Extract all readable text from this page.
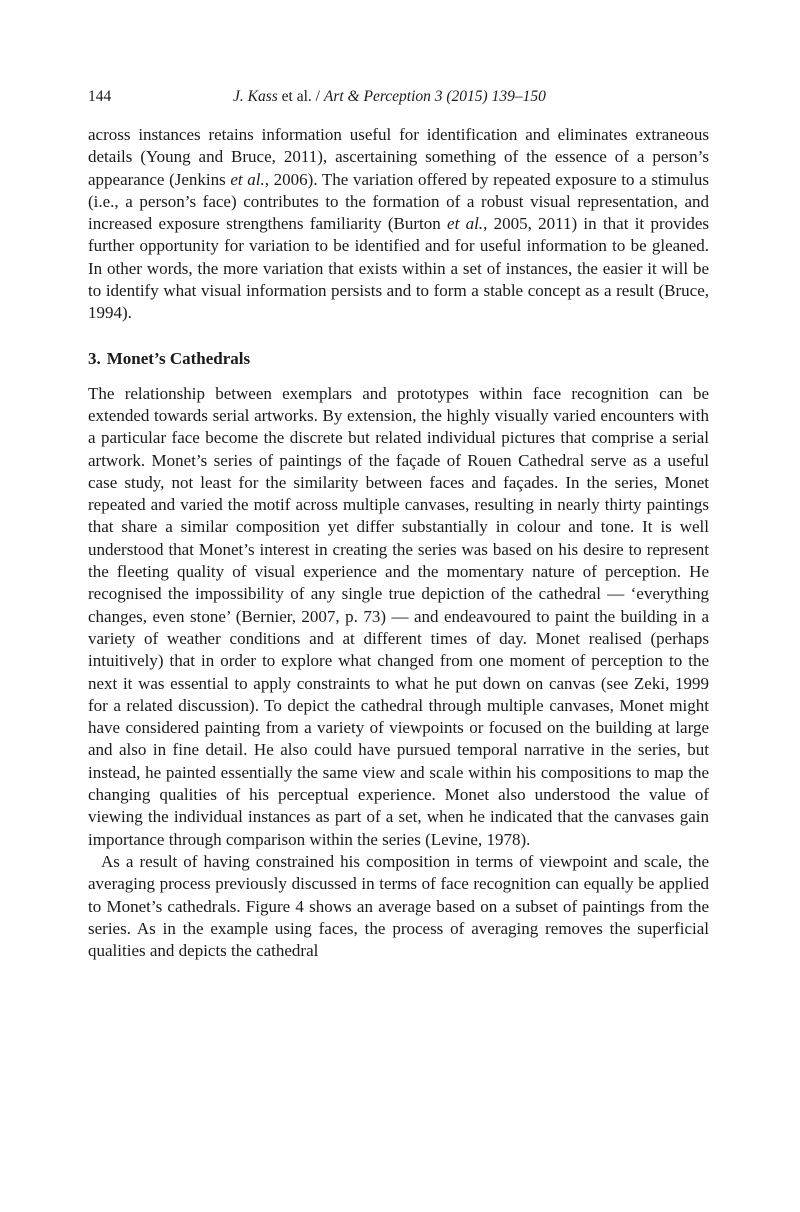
144	J. Kass et al. / Art & Perception 3 (2015) 139–150

across instances retains information useful for identification and eliminates extraneous details (Young and Bruce, 2011), ascertaining something of the essence of a person’s appearance (Jenkins et al., 2006). The variation offered by repeated exposure to a stimulus (i.e., a person’s face) contributes to the formation of a robust visual representation, and increased exposure strengthens familiarity (Burton et al., 2005, 2011) in that it provides further opportunity for variation to be identified and for useful information to be gleaned. In other words, the more variation that exists within a set of instances, the easier it will be to identify what visual information persists and to form a stable concept as a result (Bruce, 1994).

3. Monet’s Cathedrals

The relationship between exemplars and prototypes within face recognition can be extended towards serial artworks. By extension, the highly visually varied encounters with a particular face become the discrete but related individual pictures that comprise a serial artwork. Monet’s series of paintings of the façade of Rouen Cathedral serve as a useful case study, not least for the similarity between faces and façades. In the series, Monet repeated and varied the motif across multiple canvases, resulting in nearly thirty paintings that share a similar composition yet differ substantially in colour and tone. It is well understood that Monet’s interest in creating the series was based on his desire to represent the fleeting quality of visual experience and the momentary nature of perception. He recognised the impossibility of any single true depiction of the cathedral — ‘everything changes, even stone’ (Bernier, 2007, p. 73) — and endeavoured to paint the building in a variety of weather conditions and at different times of day. Monet realised (perhaps intuitively) that in order to explore what changed from one moment of perception to the next it was essential to apply constraints to what he put down on canvas (see Zeki, 1999 for a related discussion). To depict the cathedral through multiple canvases, Monet might have considered painting from a variety of viewpoints or focused on the building at large and also in fine detail. He also could have pursued temporal narrative in the series, but instead, he painted essentially the same view and scale within his compositions to map the changing qualities of his perceptual experience. Monet also understood the value of viewing the individual instances as part of a set, when he indicated that the canvases gain importance through comparison within the series (Levine, 1978).

As a result of having constrained his composition in terms of viewpoint and scale, the averaging process previously discussed in terms of face recognition can equally be applied to Monet’s cathedrals. Figure 4 shows an average based on a subset of paintings from the series. As in the example using faces, the process of averaging removes the superficial qualities and depicts the cathedral
